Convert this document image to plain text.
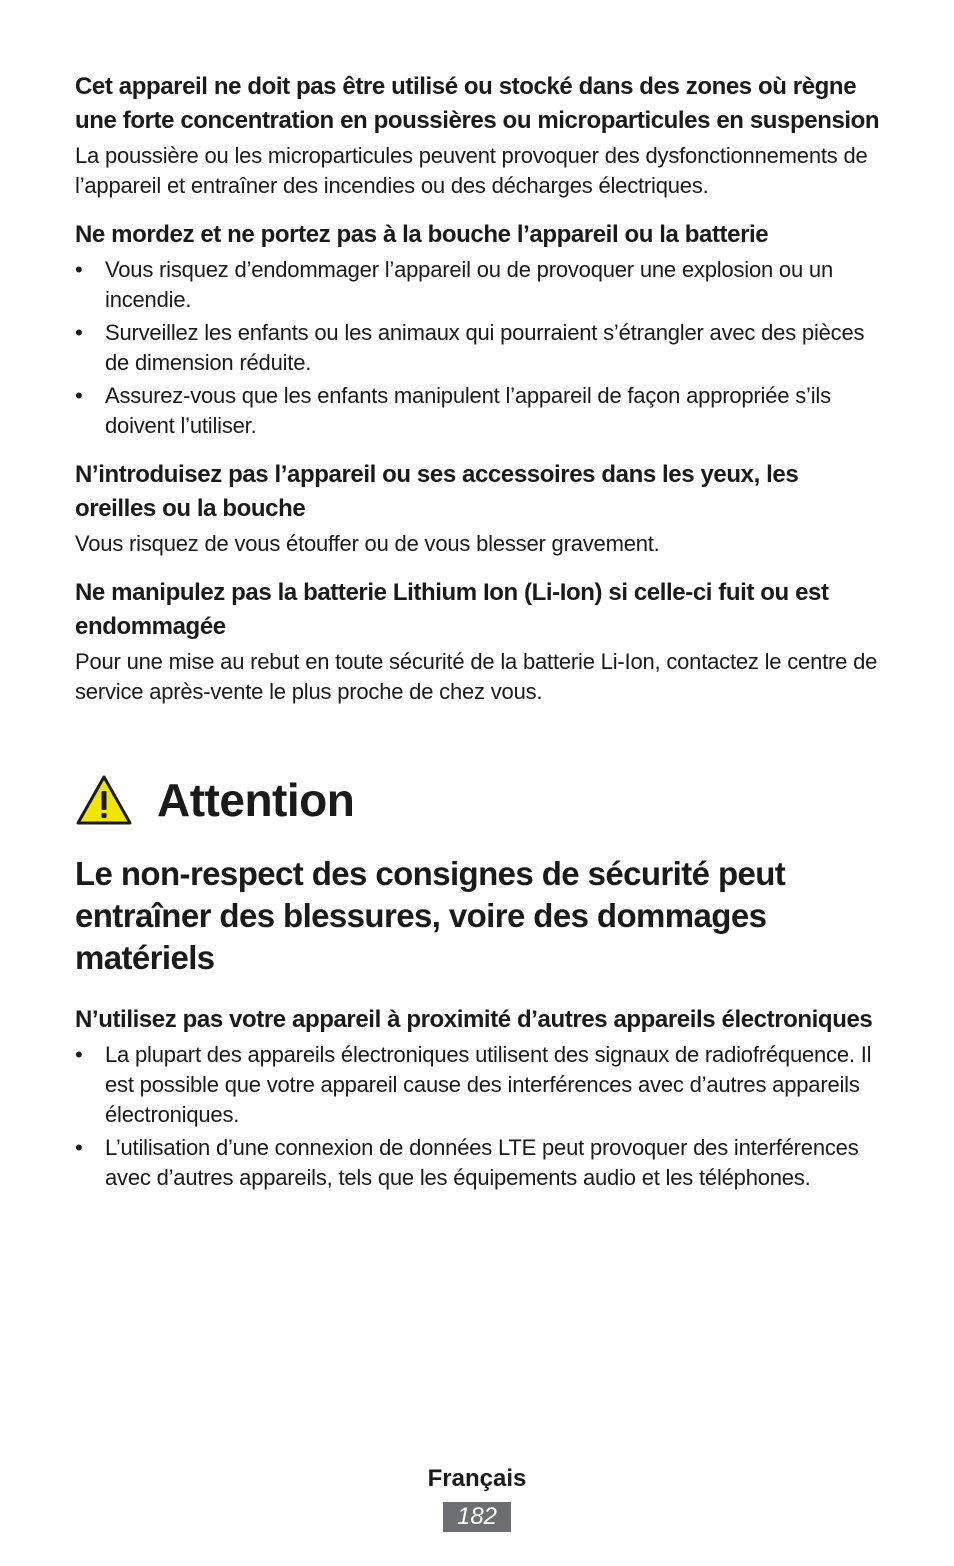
Cet appareil ne doit pas être utilisé ou stocké dans des zones où règne une forte concentration en poussières ou microparticules en suspension

La poussière ou les microparticules peuvent provoquer des dysfonctionnements de l’appareil et entraîner des incendies ou des décharges électriques.

Ne mordez et ne portez pas à la bouche l’appareil ou la batterie
• Vous risquez d’endommager l’appareil ou de provoquer une explosion ou un incendie.
• Surveillez les enfants ou les animaux qui pourraient s’étrangler avec des pièces de dimension réduite.
• Assurez-vous que les enfants manipulent l’appareil de façon appropriée s’ils doivent l’utiliser.
N’introduisez pas l’appareil ou ses accessoires dans les yeux, les oreilles ou la bouche

Vous risquez de vous étouffer ou de vous blesser gravement.

Ne manipulez pas la batterie Lithium Ion (Li-Ion) si celle-ci fuit ou est endommagée

Pour une mise au rebut en toute sécurité de la batterie Li-Ion, contactez le centre de service après-vente le plus proche de chez vous.

Attention
Le non-respect des consignes de sécurité peut entraîner des blessures, voire des dommages matériels
N’utilisez pas votre appareil à proximité d’autres appareils électroniques
• La plupart des appareils électroniques utilisent des signaux de radiofréquence. Il est possible que votre appareil cause des interférences avec d’autres appareils électroniques.
• L’utilisation d’une connexion de données LTE peut provoquer des interférences avec d’autres appareils, tels que les équipements audio et les téléphones.
Français
182
